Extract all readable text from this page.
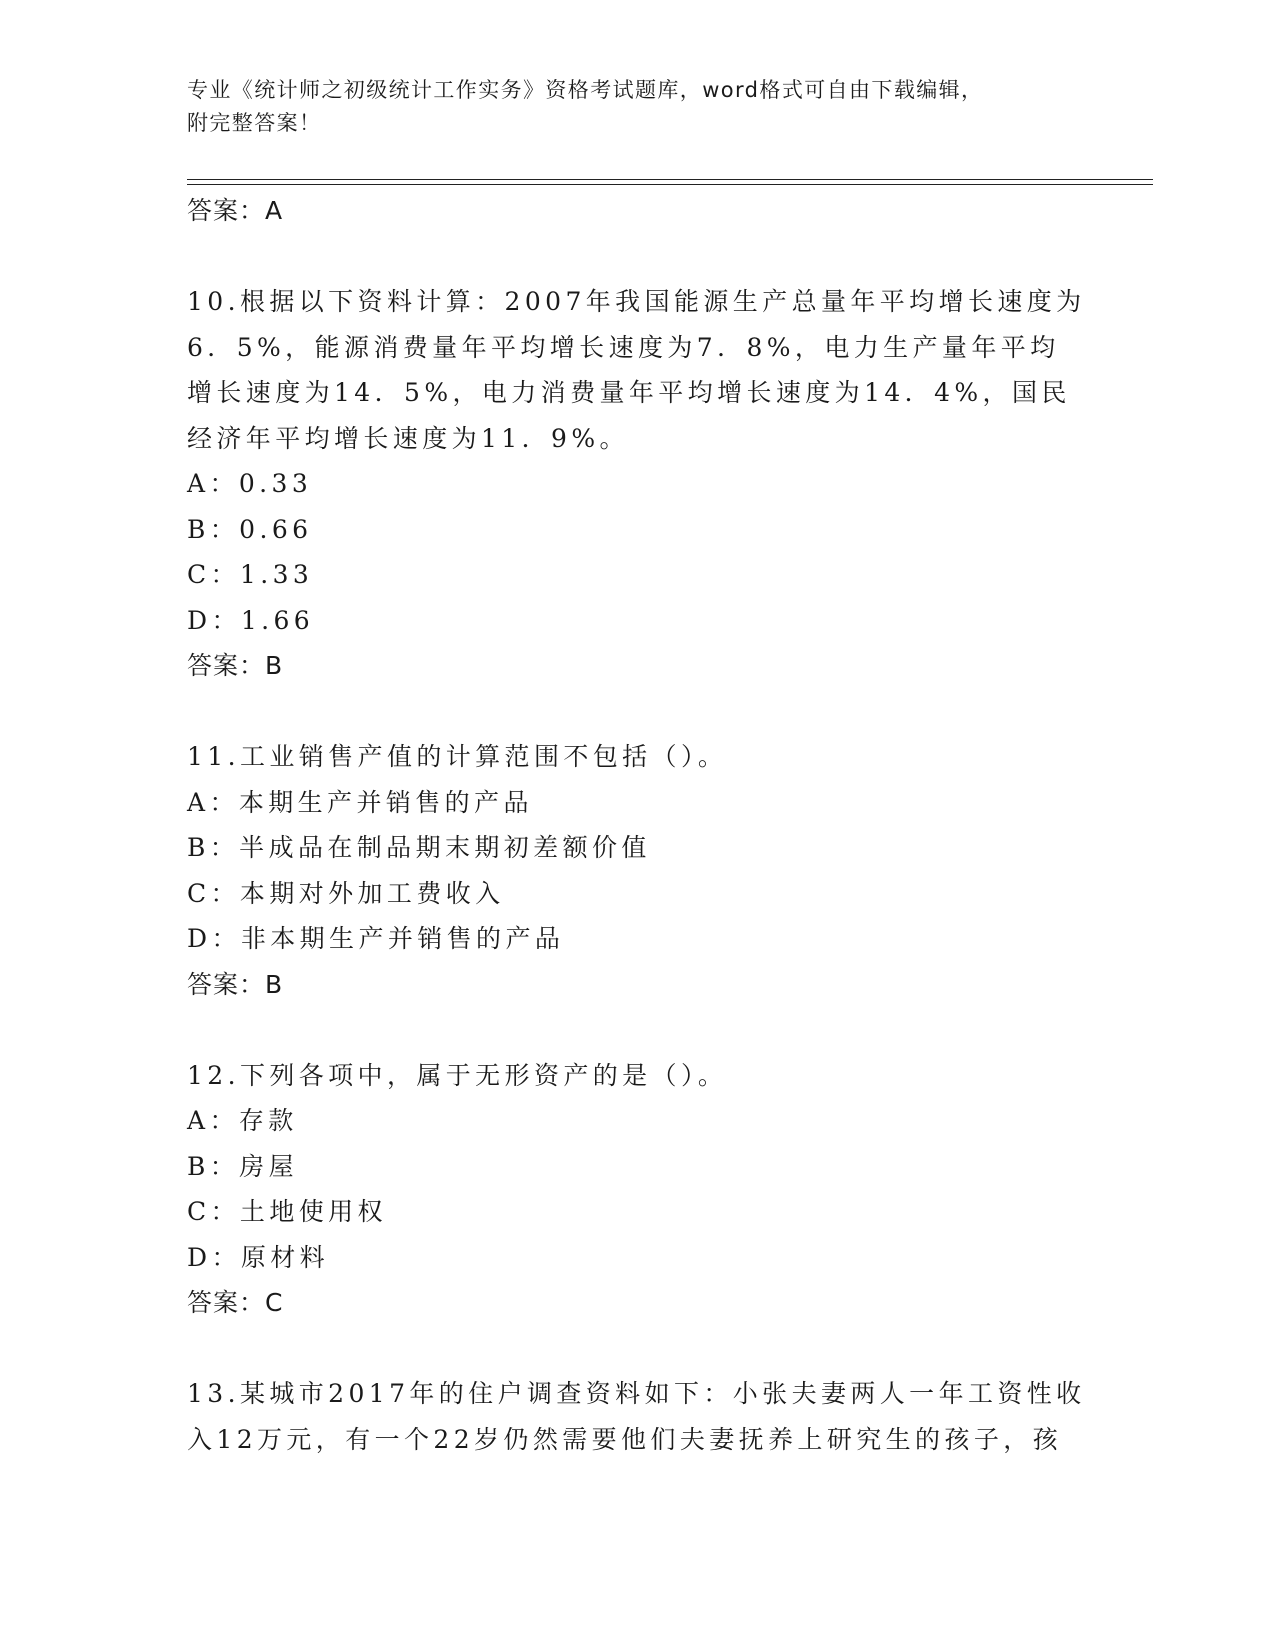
专业《统计师之初级统计工作实务》资格考试题库，word格式可自由下载编辑，
附完整答案！

答案：A

10.根据以下资料计算：2007年我国能源生产总量年平均增长速度为6．5%，能源消费量年平均增长速度为7．8%，电力生产量年平均增长速度为14．5%，电力消费量年平均增长速度为14．4%，国民经济年平均增长速度为11．9%。

A：0.33

B：0.66

C：1.33

D：1.66

答案：B

11.工业销售产值的计算范围不包括（）。

A：本期生产并销售的产品

B：半成品在制品期末期初差额价值

C：本期对外加工费收入

D：非本期生产并销售的产品

答案：B

12.下列各项中，属于无形资产的是（）。

A：存款

B：房屋

C：土地使用权

D：原材料

答案：C

13.某城市2017年的住户调查资料如下：小张夫妻两人一年工资性收入12万元，有一个22岁仍然需要他们夫妻抚养上研究生的孩子，孩
